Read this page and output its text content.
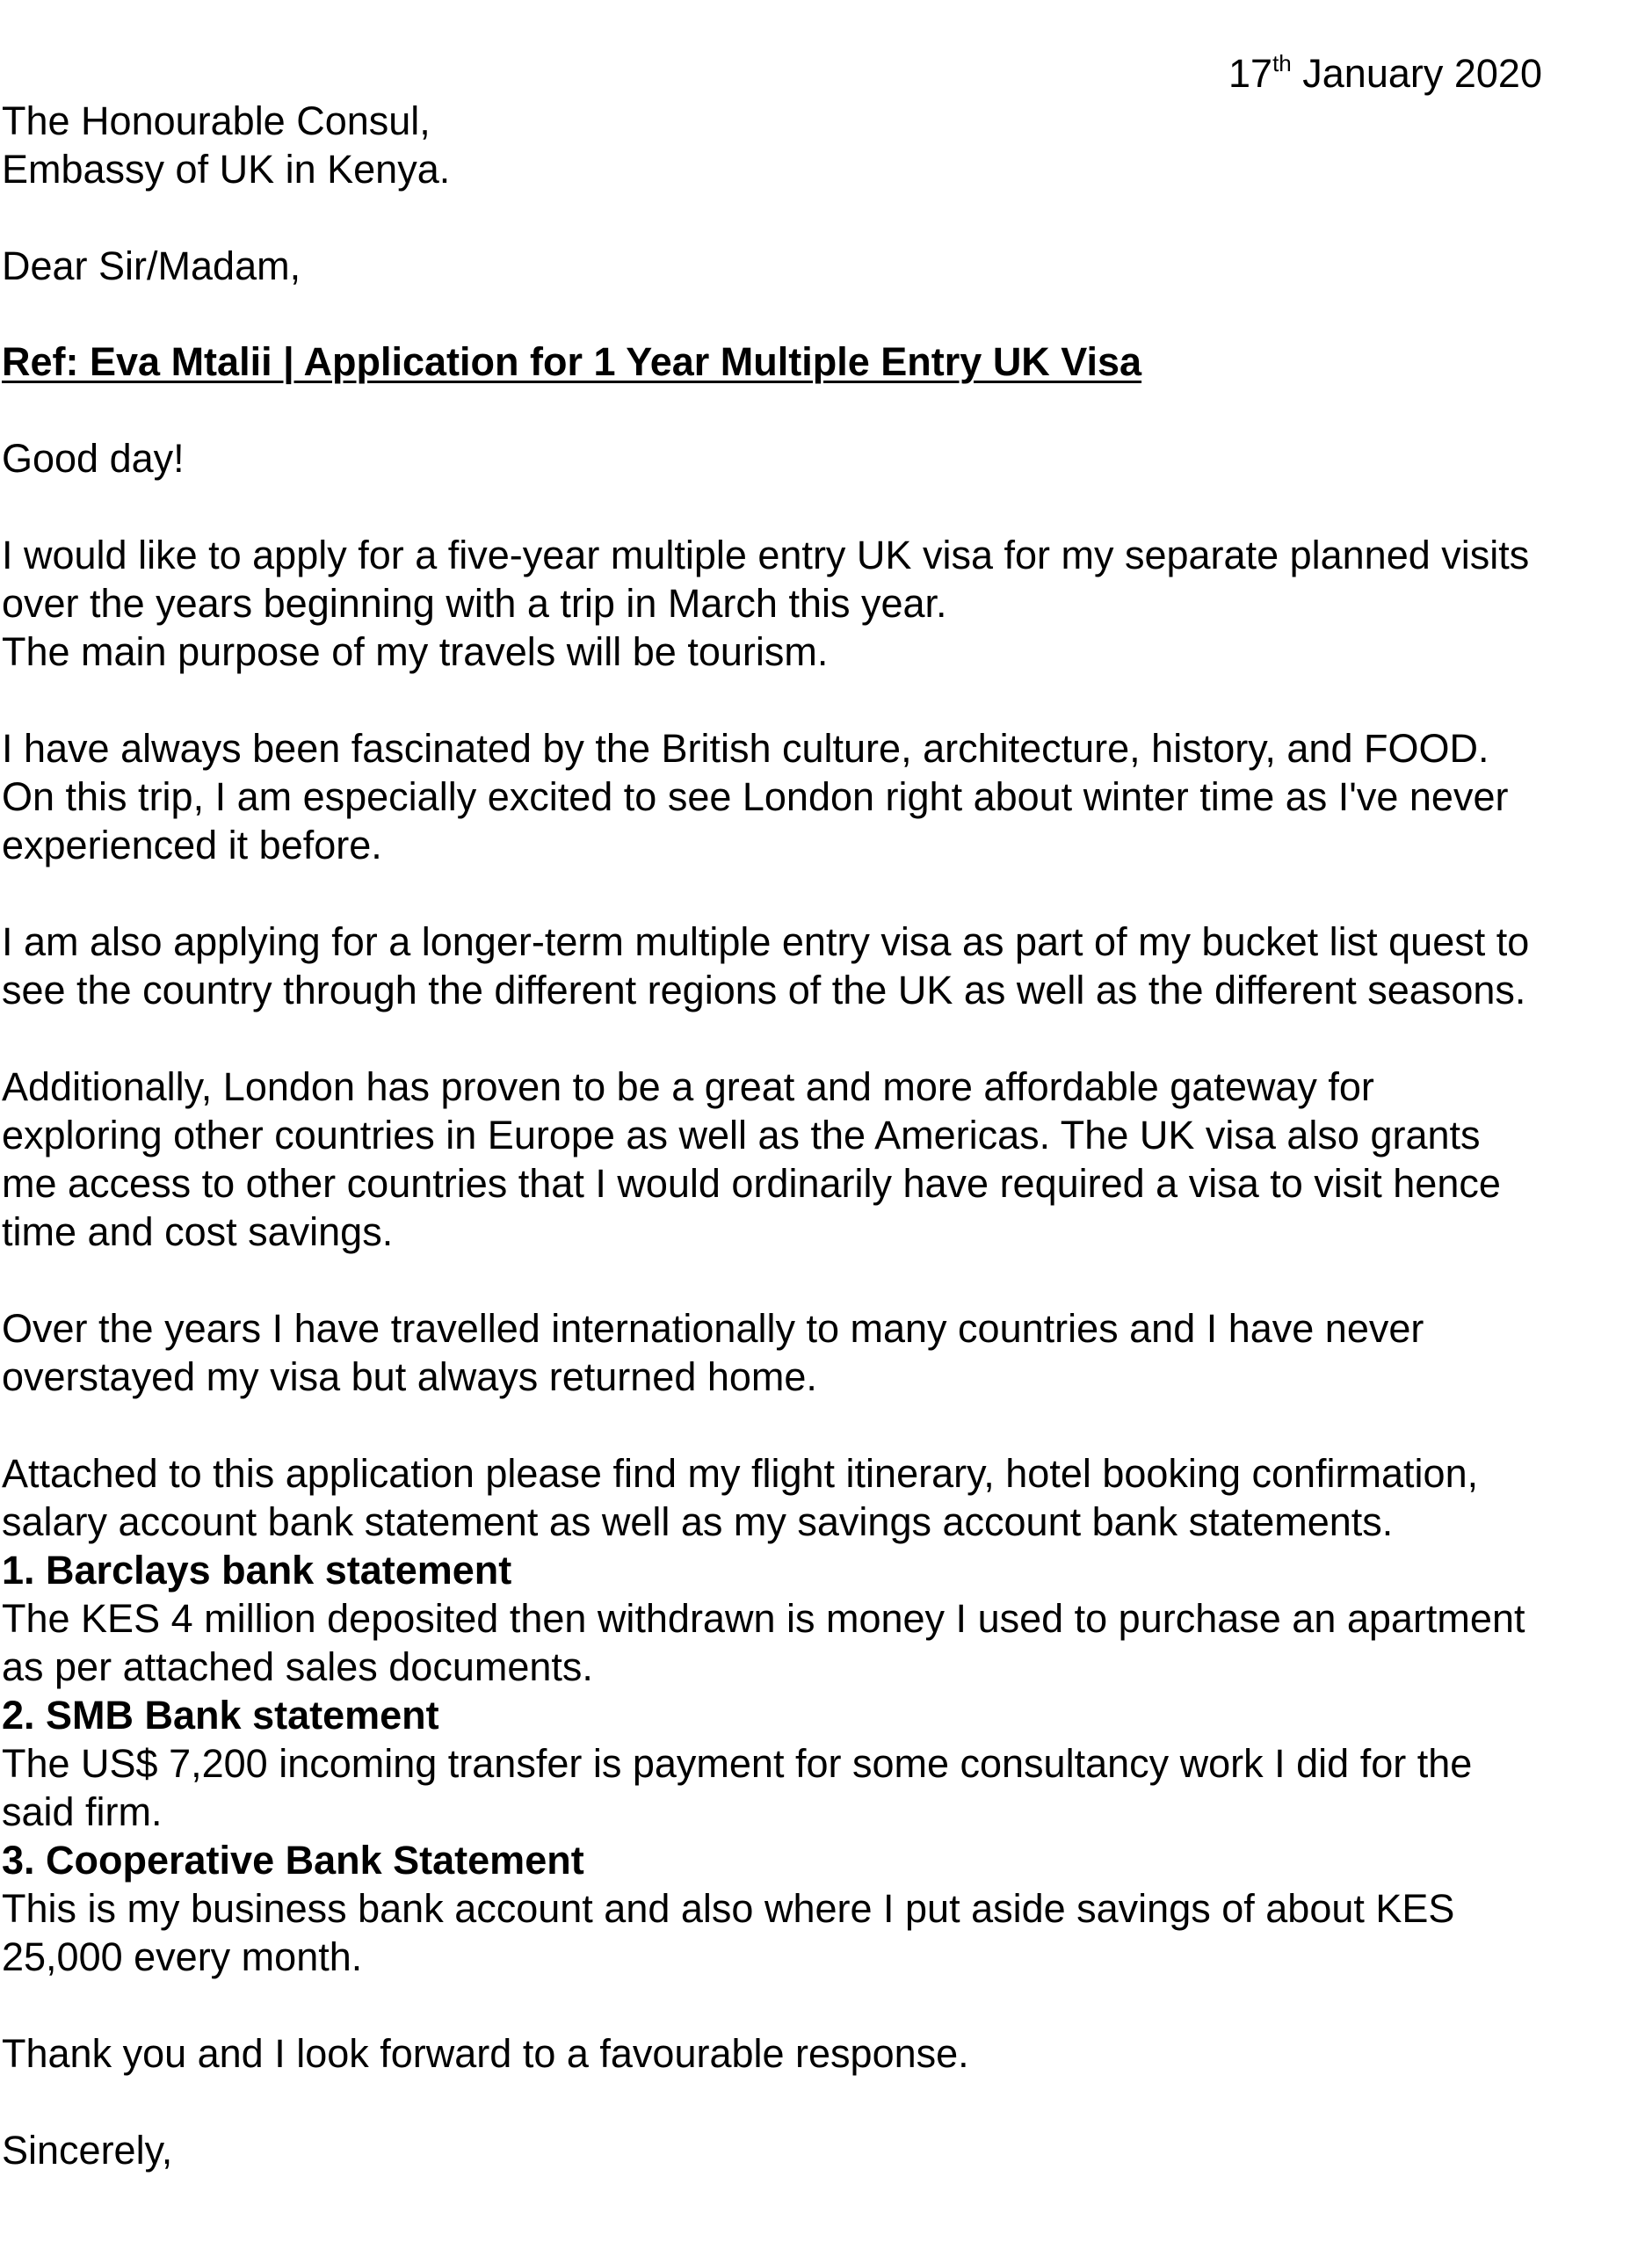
17th January 2020
The Honourable Consul,
Embassy of UK in Kenya.
Dear Sir/Madam,
Ref: Eva Mtalii | Application for 1 Year Multiple Entry UK Visa
Good day!
I would like to apply for a five-year multiple entry UK visa for my separate planned visits
over the years beginning with a trip in March this year.
The main purpose of my travels will be tourism.
I have always been fascinated by the British culture, architecture, history, and FOOD.
On this trip, I am especially excited to see London right about winter time as I've never
experienced it before.
I am also applying for a longer-term multiple entry visa as part of my bucket list quest to
see the country through the different regions of the UK as well as the different seasons.
Additionally, London has proven to be a great and more affordable gateway for
exploring other countries in Europe as well as the Americas. The UK visa also grants
me access to other countries that I would ordinarily have required a visa to visit hence
time and cost savings.
Over the years I have travelled internationally to many countries and I have never
overstayed my visa but always returned home.
Attached to this application please find my flight itinerary, hotel booking confirmation,
salary account bank statement as well as my savings account bank statements.
1. Barclays bank statement
The KES 4 million deposited then withdrawn is money I used to purchase an apartment
as per attached sales documents.
2. SMB Bank statement
The US$ 7,200 incoming transfer is payment for some consultancy work I did for the
said firm.
3. Cooperative Bank Statement
This is my business bank account and also where I put aside savings of about KES
25,000 every month.
Thank you and I look forward to a favourable response.
Sincerely,
